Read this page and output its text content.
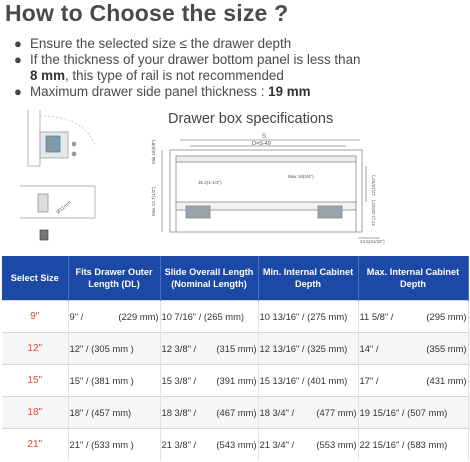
How to Choose the size ?
● Ensure the selected size ≤ the drawer depth
● If the thickness of your drawer bottom panel is less than
8 mm, this type of rail is not recommended
● Maximum drawer side panel thickness : 19 mm
Drawer box specifications
Ø11mm
S
D=S-49
Min 16(5/8")
Max 13.7(1/2")
35.2(1-1/3")
Max 19(3/4")	12(15/32")
37 (1-15/32")
24.5(31/32")
Select Size	Fits Drawer Outer Length (DL)	Slide Overall Length (Nominal Length)	Min. Internal Cabinet Depth	Max. Internal Cabinet Depth
9"	9" / (229 mm)	10 7/16" / (265 mm)	10 13/16" / (275 mm)	11 5/8" / (295 mm)

12"	12" / (305 mm )	12 3/8" / (315 mm)	12 13/16" / (325 mm)	14" / (355 mm)

15"	15" / (381 mm )	15 3/8" / (391 mm)	15 13/16" / (401 mm)	17" / (431 mm)

18"	18" / (457 mm)	18 3/8" / (467 mm)	18 3/4" / (477 mm)	19 15/16" / (507 mm)

21"	21" / (533 mm )	21 3/8" / (543 mm)	21 3/4" / (553 mm)	22 15/16" / (583 mm)
